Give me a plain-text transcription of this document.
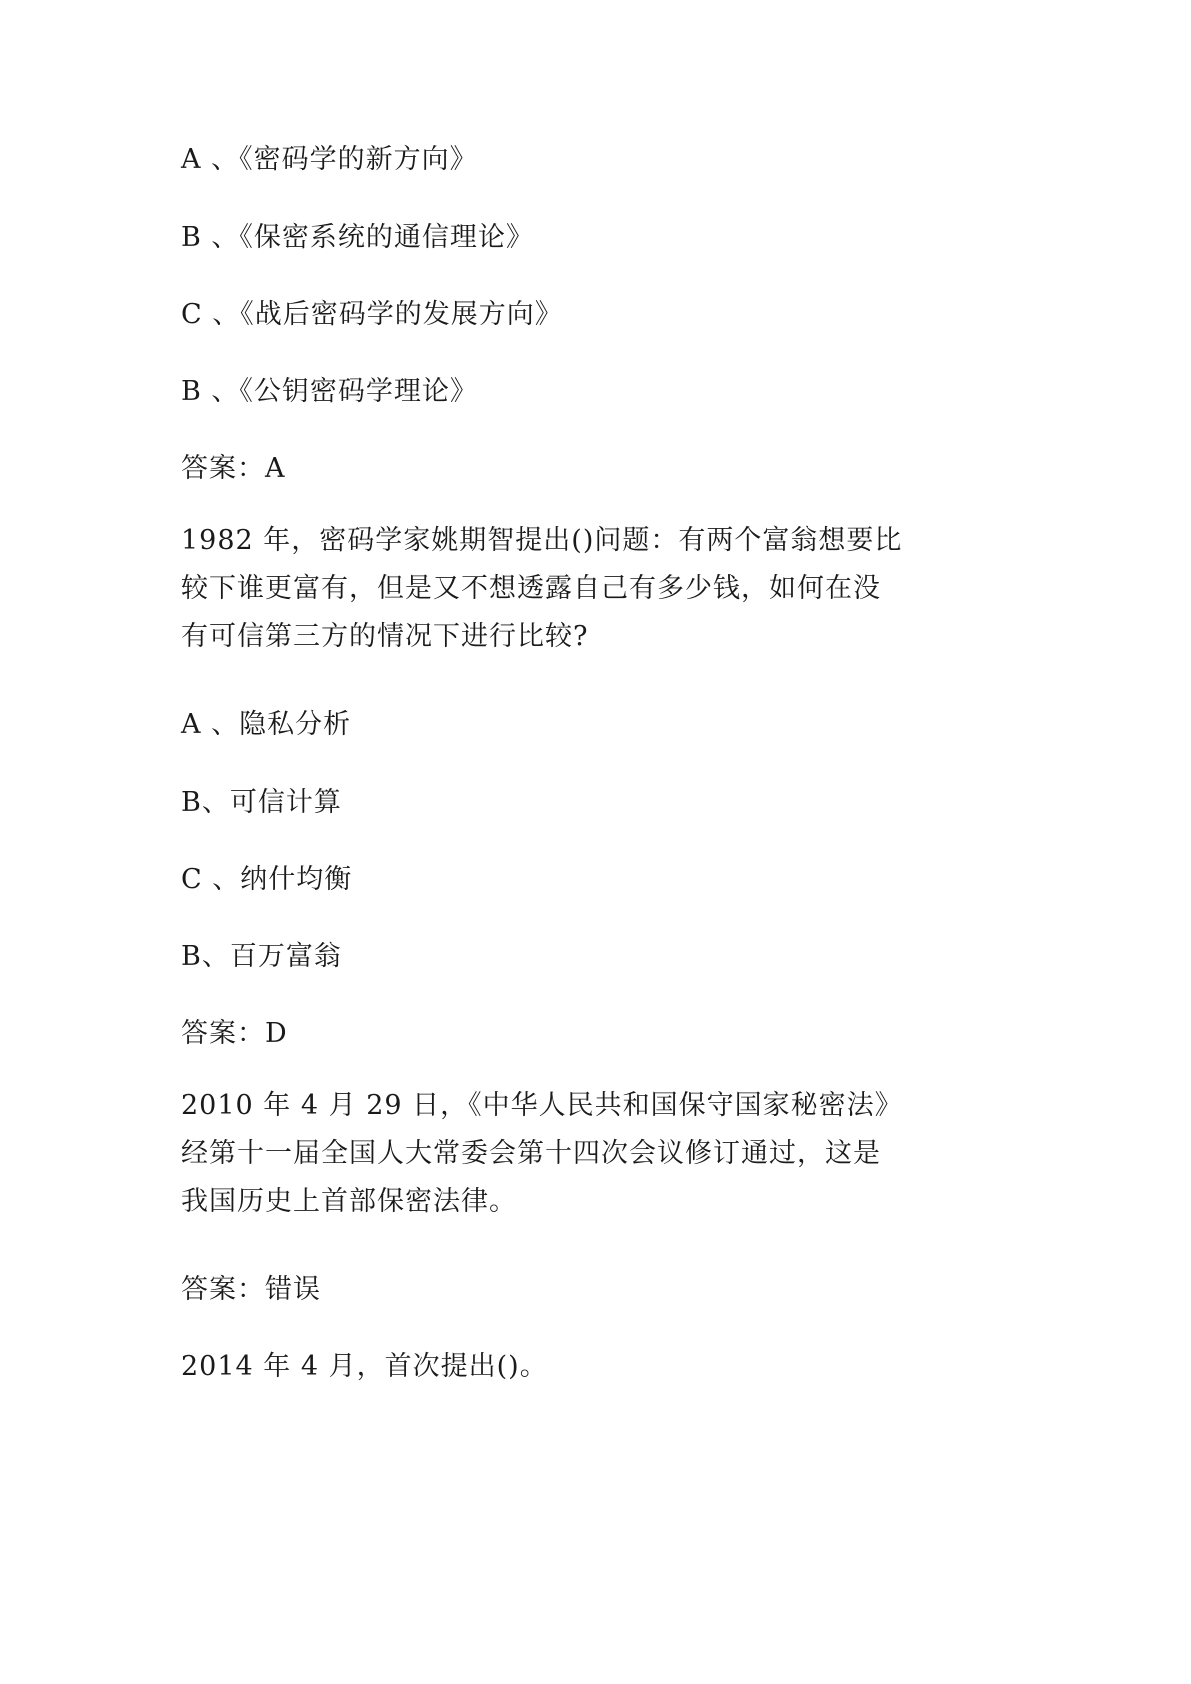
A 、《密码学的新方向》
B 、《保密系统的通信理论》
C 、《战后密码学的发展方向》
B 、《公钥密码学理论》
答案：A
1982 年，密码学家姚期智提出()问题：有两个富翁想要比
较下谁更富有，但是又不想透露自己有多少钱，如何在没
有可信第三方的情况下进行比较?
A 、隐私分析
B、可信计算
C 、纳什均衡
B、百万富翁
答案：D
2010 年 4 月 29 日，《中华人民共和国保守国家秘密法》
经第十一届全国人大常委会第十四次会议修订通过，这是
我国历史上首部保密法律。
答案：错误
2014 年 4 月，首次提出()。
